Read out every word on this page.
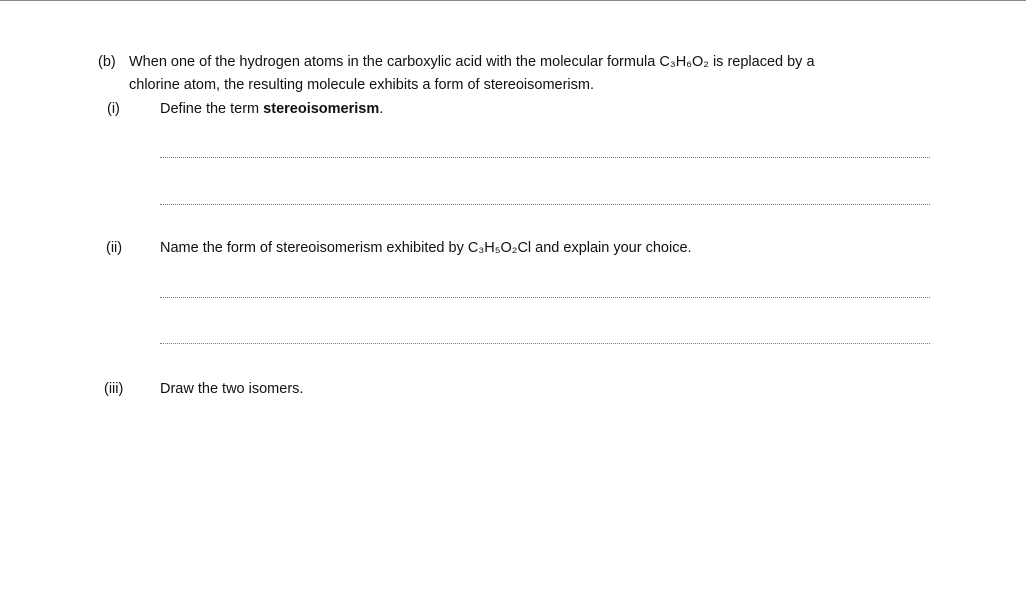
(b) When one of the hydrogen atoms in the carboxylic acid with the molecular formula C₃H₆O₂ is replaced by a
chlorine atom, the resulting molecule exhibits a form of stereoisomerism.
(i)	Define the term stereoisomerism.
(ii)	Name the form of stereoisomerism exhibited by C₃H₅O₂Cl and explain your choice.
(iii)	Draw the two isomers.
